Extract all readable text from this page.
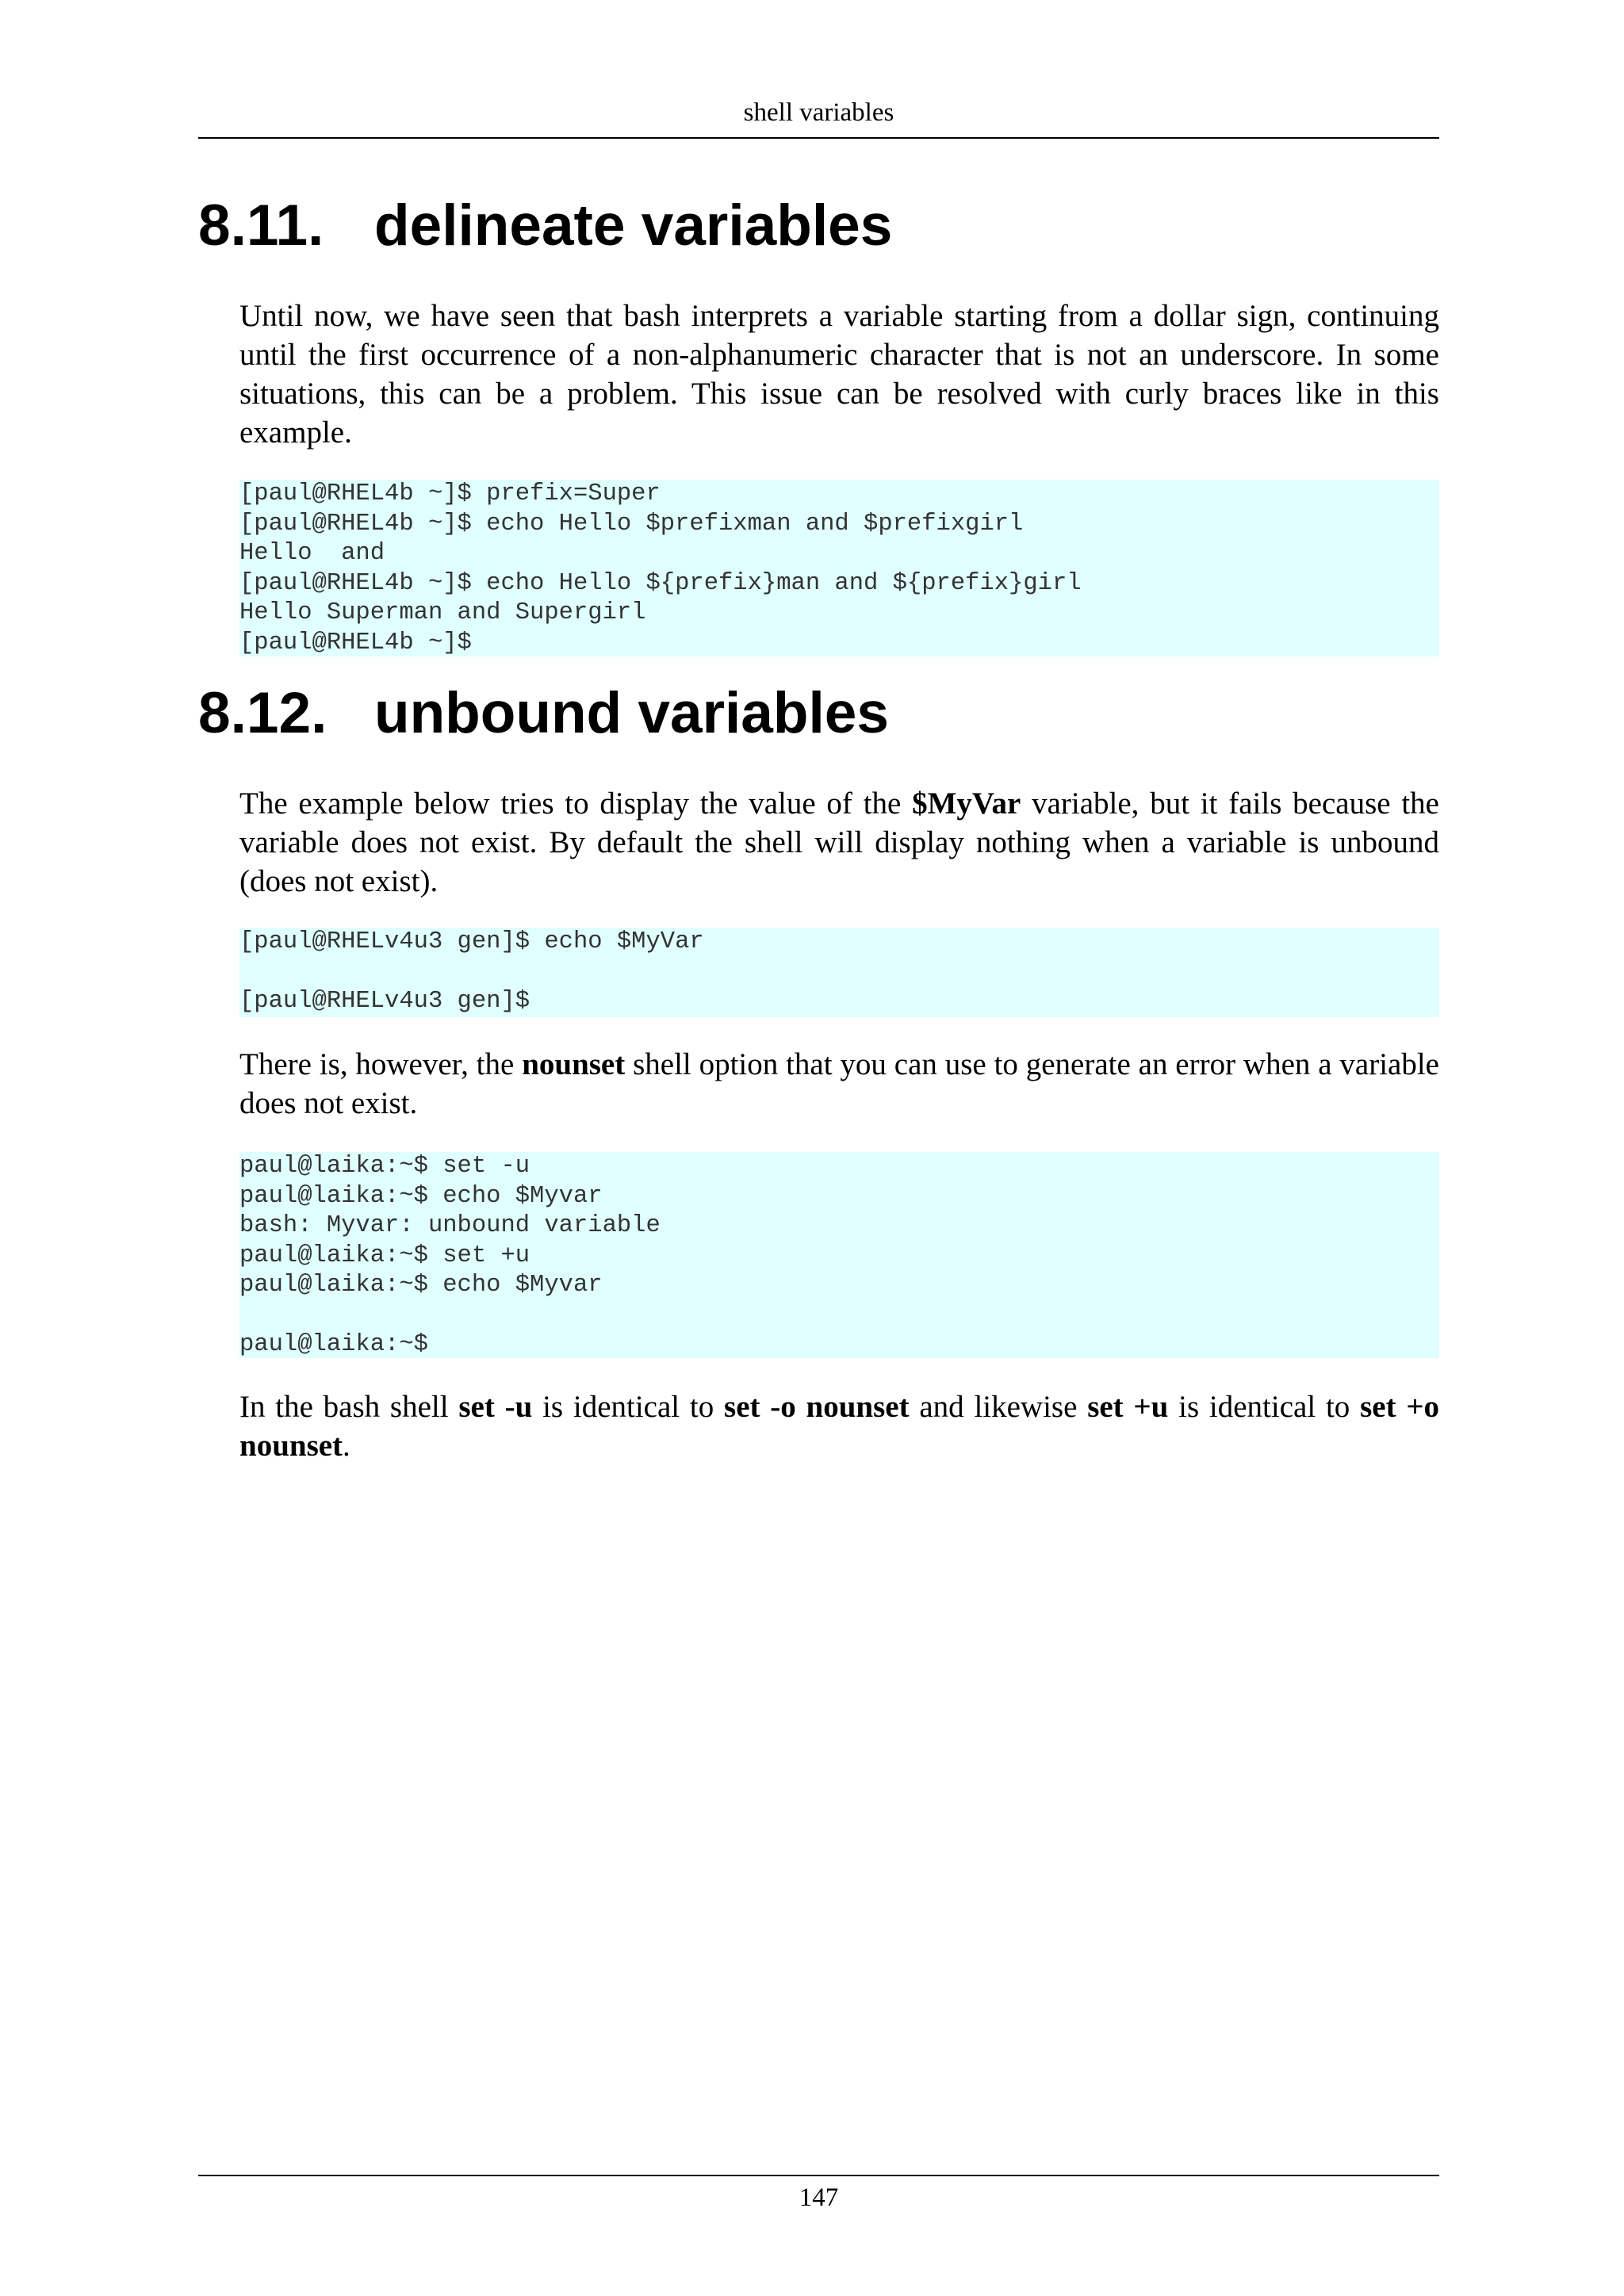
shell variables
8.11. delineate variables

Until now, we have seen that bash interprets a variable starting from a dollar sign, continuing until the first occurrence of a non-alphanumeric character that is not an underscore. In some situations, this can be a problem. This issue can be resolved with curly braces like in this example.

[paul@RHEL4b ~]$ prefix=Super
[paul@RHEL4b ~]$ echo Hello $prefixman and $prefixgirl
Hello  and
[paul@RHEL4b ~]$ echo Hello ${prefix}man and ${prefix}girl
Hello Superman and Supergirl
[paul@RHEL4b ~]$
8.12. unbound variables

The example below tries to display the value of the $MyVar variable, but it fails because the variable does not exist. By default the shell will display nothing when a variable is unbound (does not exist).

[paul@RHELv4u3 gen]$ echo $MyVar
[paul@RHELv4u3 gen]$

There is, however, the nounset shell option that you can use to generate an error when a variable does not exist.

paul@laika:~$ set -u
paul@laika:~$ echo $Myvar
bash: Myvar: unbound variable
paul@laika:~$ set +u
paul@laika:~$ echo $Myvar
paul@laika:~$

In the bash shell set -u is identical to set -o nounset and likewise set +u is identical to set +o nounset.

147
